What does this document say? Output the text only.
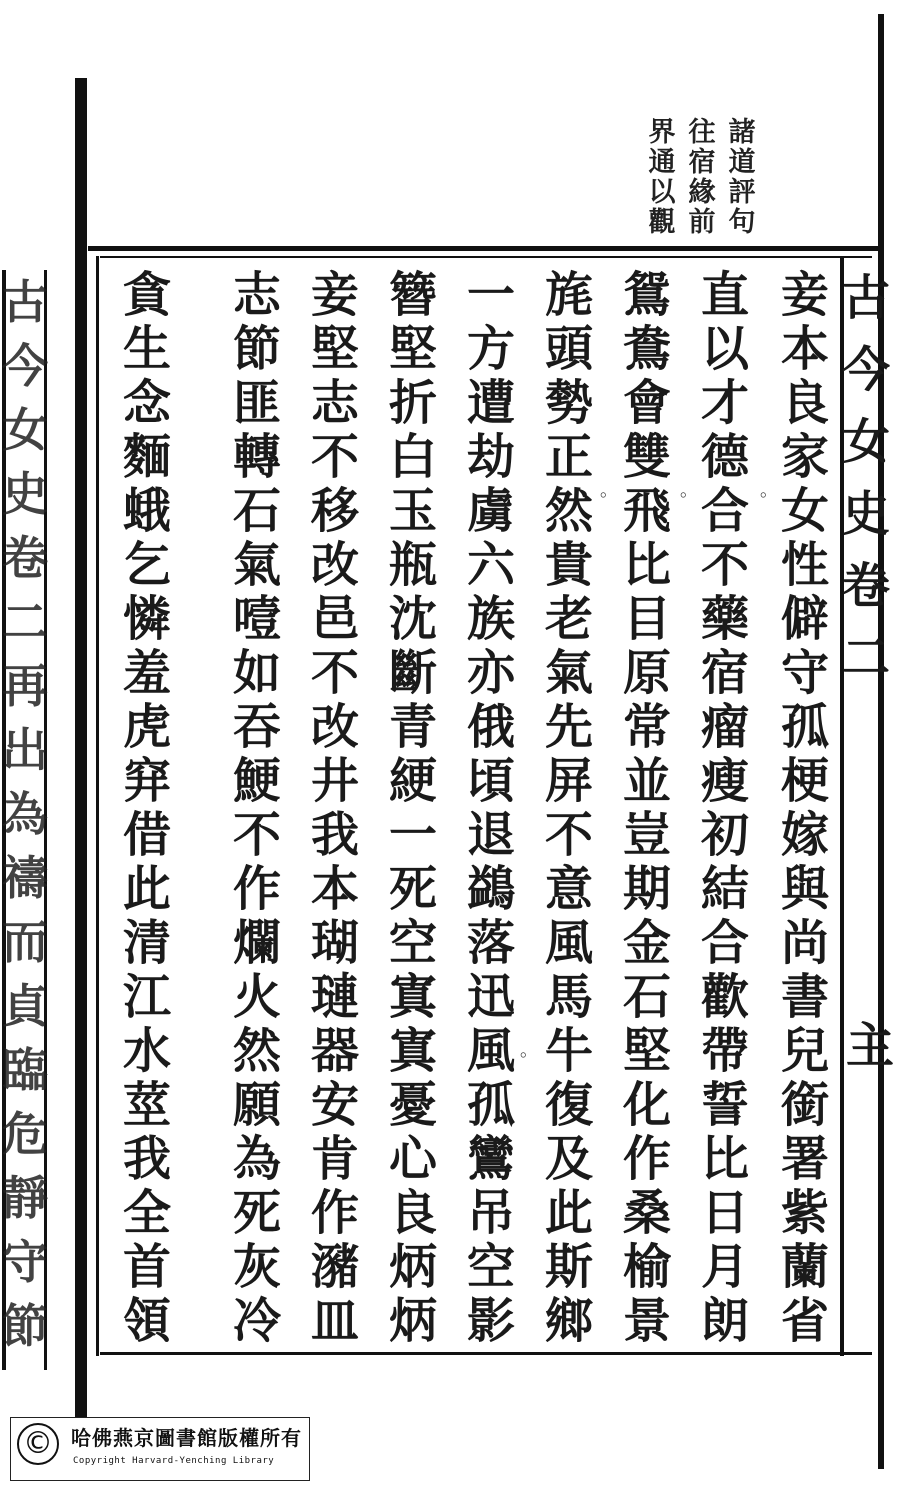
古
今
女
史
卷
二
主
諸
道
評
句
往
宿
緣
前
界
通
以
觀
妾
本
良
家
女
性
僻
守
孤
梗
嫁
與
尚
書
兒
銜
署
紫
蘭
省
直
以
才
德
合
不
藥
宿
瘤
瘦
初
結
合
歡
帶
誓
比
日
月
朗
鴛
鴦
會
雙
飛
比
目
原
常
並
豈
期
金
石
堅
化
作
桑
榆
景
旄
頭
勢
正
然
貴
老
氣
先
屏
不
意
風
馬
牛
復
及
此
斯
鄉
一
方
遭
劫
虜
六
族
亦
俄
頃
退
鷁
落
迅
風
孤
鸞
吊
空
影
簪
堅
折
白
玉
瓶
沈
斷
青
綆
一
死
空
寘
寘
憂
心
良
炳
炳
妾
堅
志
不
移
改
邑
不
改
井
我
本
瑚
璉
器
安
肯
作
瀦
皿
志
節
匪
轉
石
氣
噎
如
吞
鯁
不
作
爛
火
然
願
為
死
灰
冷
貪
生
念
麵
蛾
乞
憐
羞
虎
穽
借
此
清
江
水
莖
我
全
首
領
。
。
。
。
古
今
女
史
卷
二
再
出
為
禱
而
貞
臨
危
靜
守
節
© 哈佛燕京圖書館版權所有
Copyright Harvard-Yenching Library
